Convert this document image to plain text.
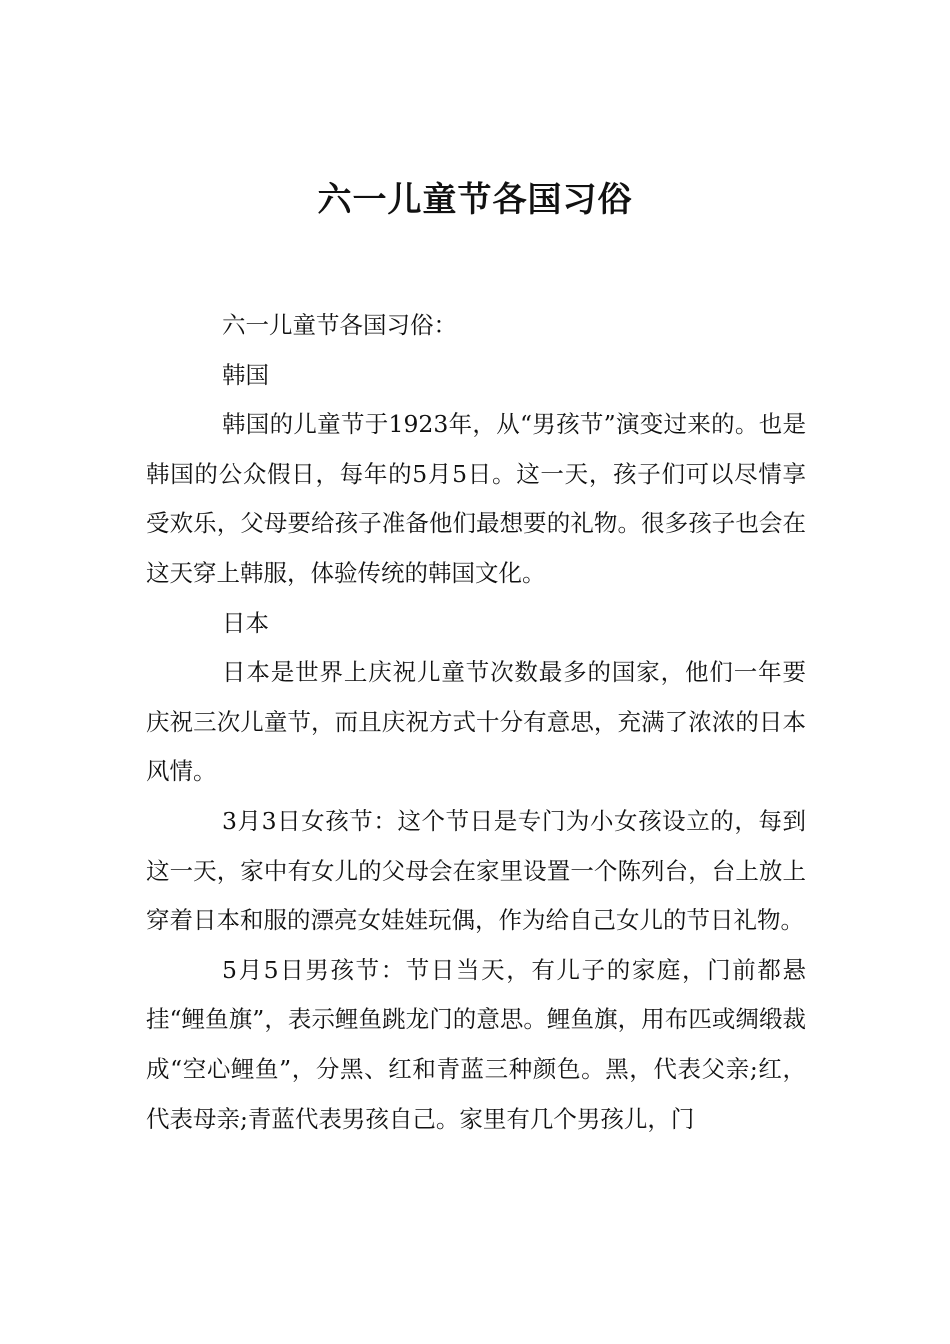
六一儿童节各国习俗

六一儿童节各国习俗：

韩国

韩国的儿童节于1923年，从“男孩节”演变过来的。也是韩国的公众假日，每年的5月5日。这一天，孩子们可以尽情享受欢乐，父母要给孩子准备他们最想要的礼物。很多孩子也会在这天穿上韩服，体验传统的韩国文化。

日本

日本是世界上庆祝儿童节次数最多的国家，他们一年要庆祝三次儿童节，而且庆祝方式十分有意思，充满了浓浓的日本风情。

3月3日女孩节：这个节日是专门为小女孩设立的，每到这一天，家中有女儿的父母会在家里设置一个陈列台，台上放上穿着日本和服的漂亮女娃娃玩偶，作为给自己女儿的节日礼物。

5月5日男孩节：节日当天，有儿子的家庭，门前都悬挂“鲤鱼旗”，表示鲤鱼跳龙门的意思。鲤鱼旗，用布匹或绸缎裁成“空心鲤鱼”，分黑、红和青蓝三种颜色。黑，代表父亲;红，代表母亲;青蓝代表男孩自己。家里有几个男孩儿，门
